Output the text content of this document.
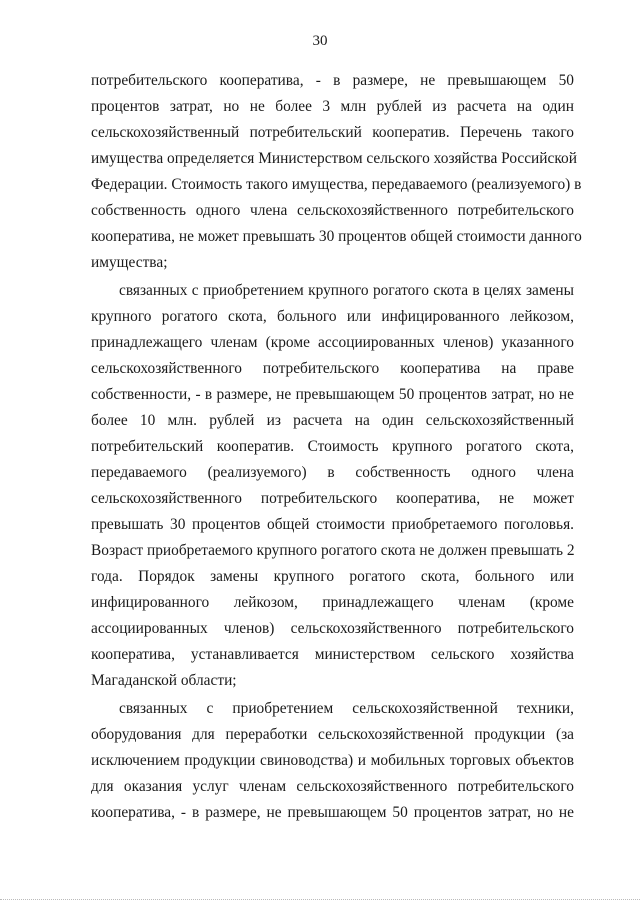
30
потребительского кооператива, - в размере, не превышающем 50
процентов затрат, но не более 3 млн рублей из расчета на один
сельскохозяйственный потребительский кооператив. Перечень такого
имущества определяется Министерством сельского хозяйства Российской
Федерации. Стоимость такого имущества, передаваемого (реализуемого) в
собственность одного члена сельскохозяйственного потребительского
кооператива, не может превышать 30 процентов общей стоимости данного
имущества;
связанных с приобретением крупного рогатого скота в целях замены
крупного рогатого скота, больного или инфицированного лейкозом,
принадлежащего членам (кроме ассоциированных членов) указанного
сельскохозяйственного потребительского кооператива на праве
собственности, - в размере, не превышающем 50 процентов затрат, но не
более 10 млн. рублей из расчета на один сельскохозяйственный
потребительский кооператив. Стоимость крупного рогатого скота,
передаваемого (реализуемого) в собственность одного члена
сельскохозяйственного потребительского кооператива, не может
превышать 30 процентов общей стоимости приобретаемого поголовья.
Возраст приобретаемого крупного рогатого скота не должен превышать 2
года. Порядок замены крупного рогатого скота, больного или
инфицированного лейкозом, принадлежащего членам (кроме
ассоциированных членов) сельскохозяйственного потребительского
кооператива, устанавливается министерством сельского хозяйства
Магаданской области;
связанных с приобретением сельскохозяйственной техники,
оборудования для переработки сельскохозяйственной продукции (за
исключением продукции свиноводства) и мобильных торговых объектов
для оказания услуг членам сельскохозяйственного потребительского
кооператива, - в размере, не превышающем 50 процентов затрат, но не
